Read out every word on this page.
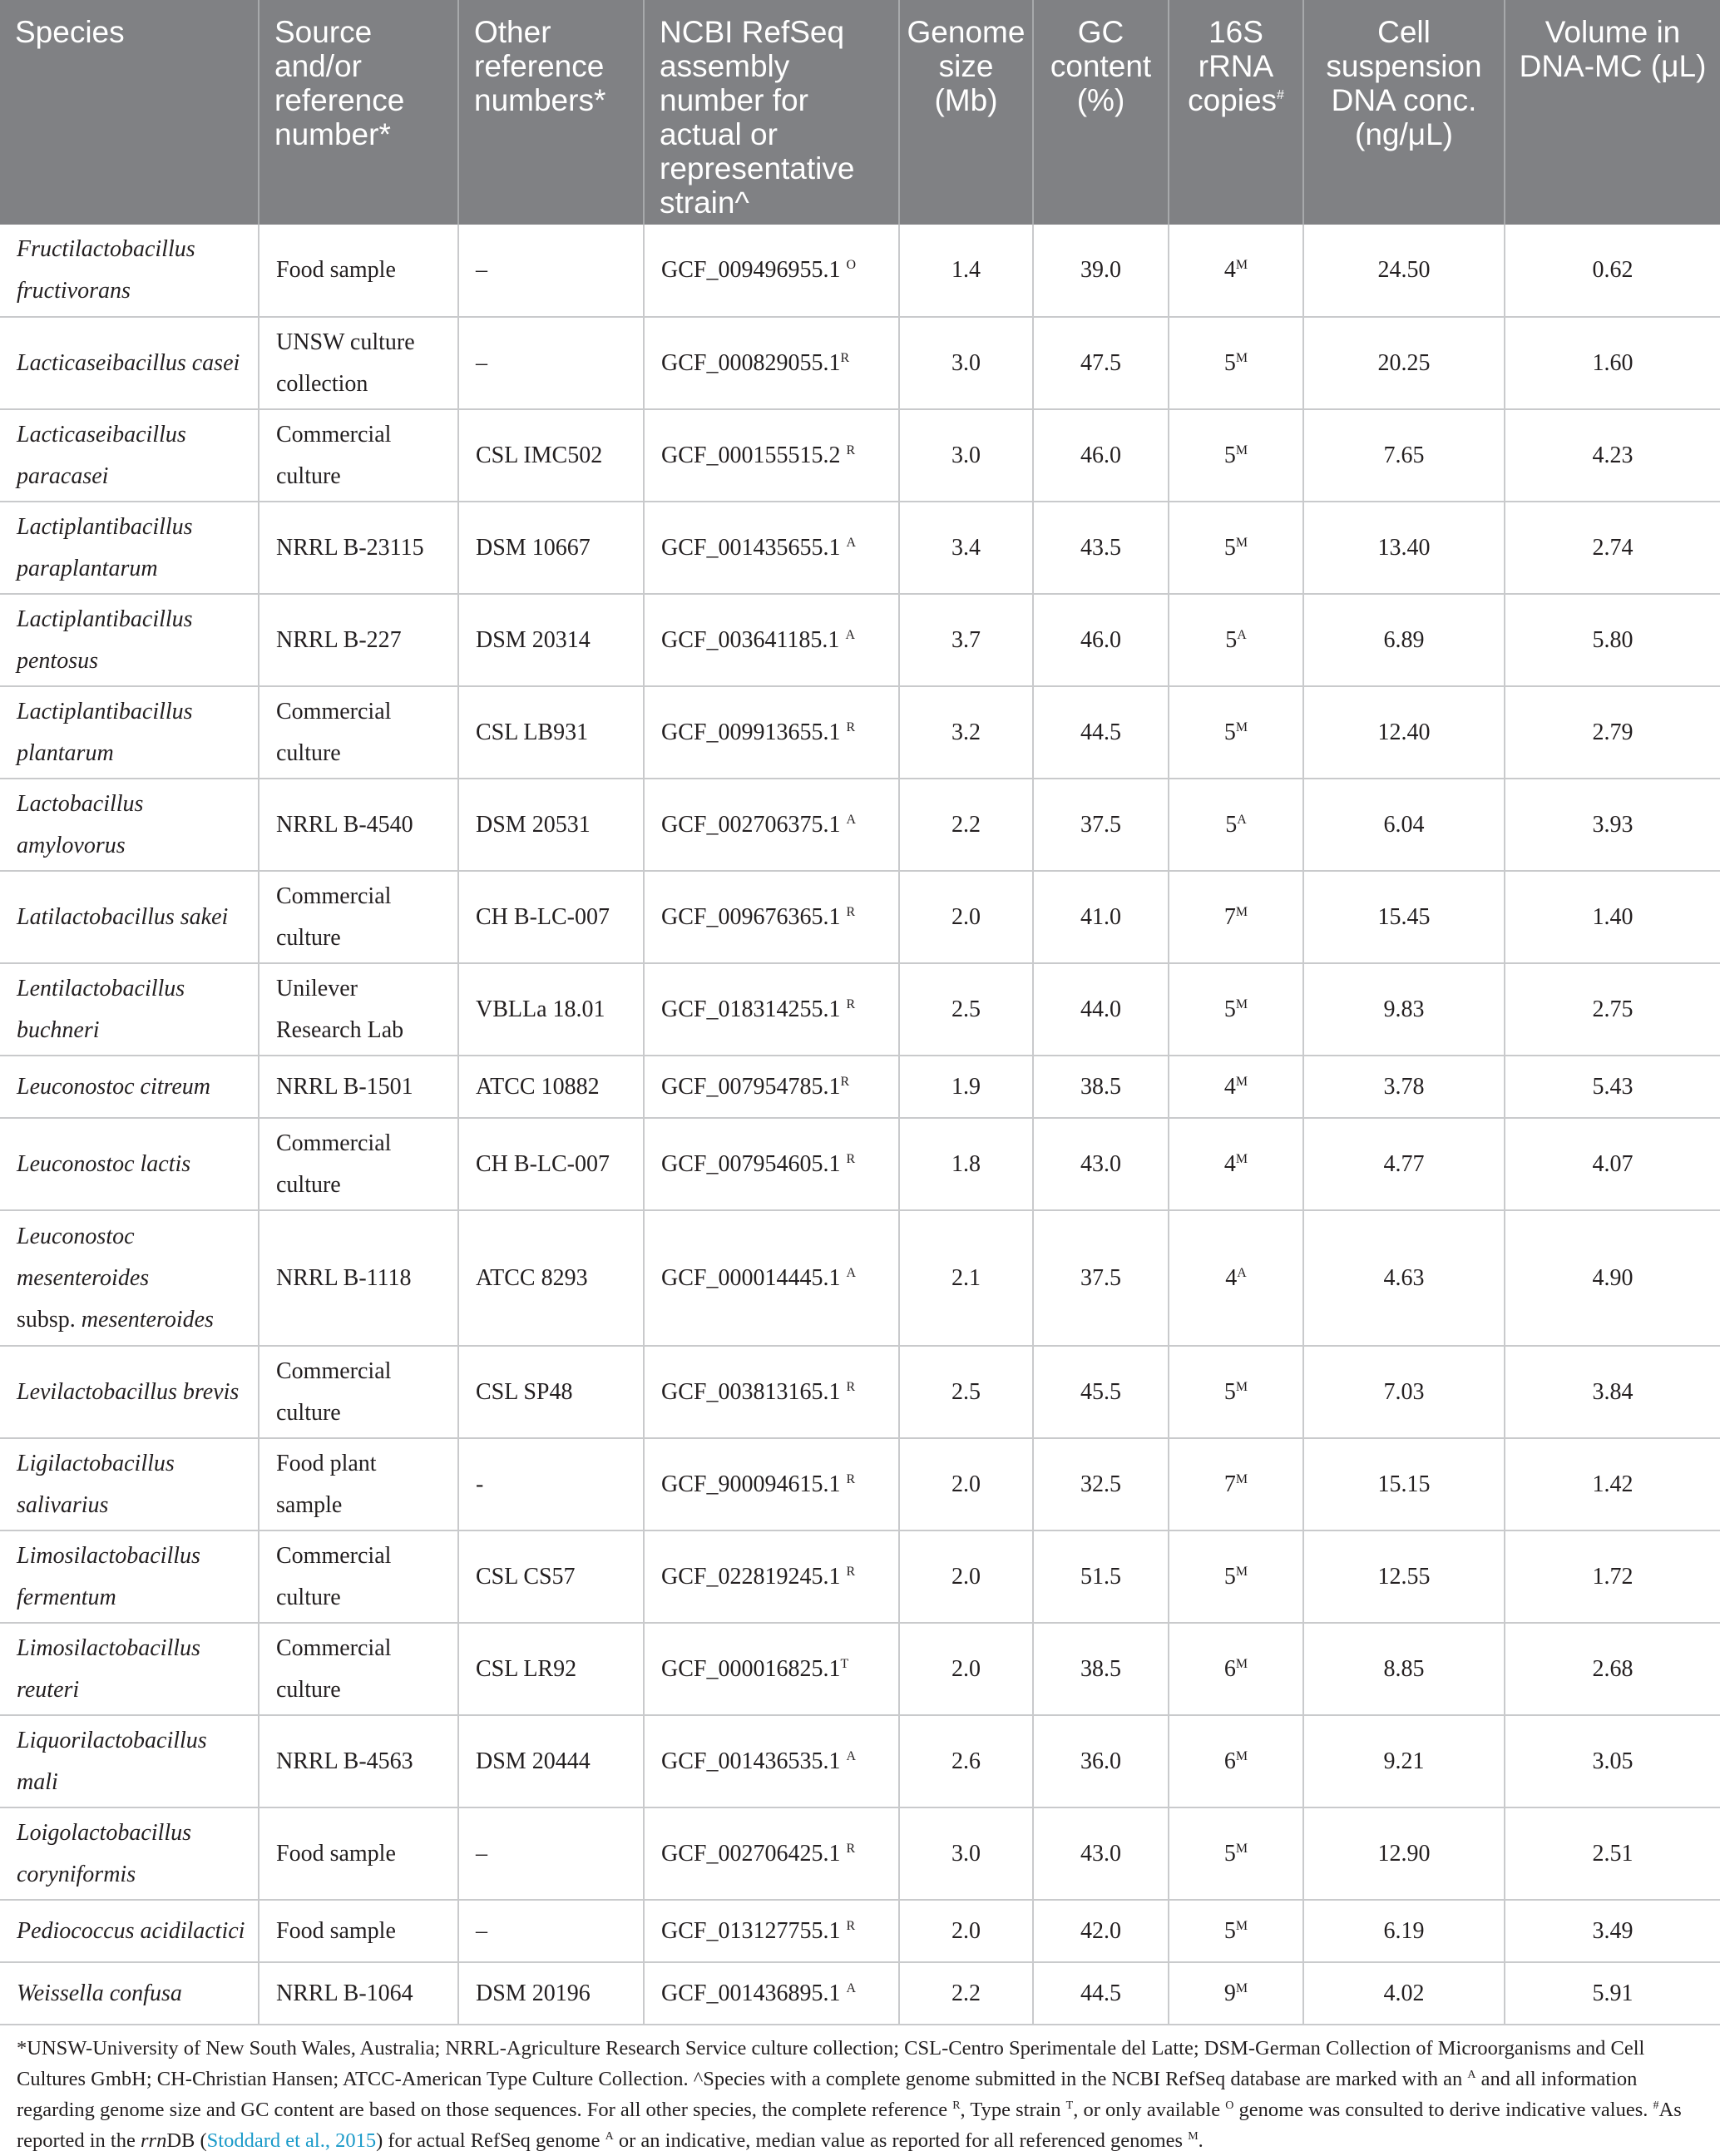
Species	Source and/or reference number*	Other reference numbers*	NCBI RefSeq assembly number for actual or representative strain^	Genome size (Mb)	GC content (%)	16S rRNA copies#	Cell suspension DNA conc. (ng/μL)	Volume in DNA-MC (μL)
Fructilactobacillus fructivorans	Food sample	–	GCF_009496955.1 $^O$	1.4	39.0	$4^M$	24.50	0.62
Lacticaseibacillus casei	UNSW culture collection	–	$GCF\_000829055.1^R$	3.0	47.5	$5^M$	20.25	1.60
Lacticaseibacillus paracasei	Commercial culture	CSL IMC502	GCF_000155515.2 $^R$	3.0	46.0	$5^M$	7.65	4.23
Lactiplantibacillus paraplantarum	NRRL B-23115	DSM 10667	GCF_001435655.1 $^A$	3.4	43.5	$5^M$	13.40	2.74
Lactiplantibacillus pentosus	NRRL B-227	DSM 20314	GCF_003641185.1 $^A$	3.7	46.0	$5^A$	6.89	5.80
Lactiplantibacillus plantarum	Commercial culture	CSL LB931	GCF_009913655.1 $^R$	3.2	44.5	$5^M$	12.40	2.79
Lactobacillus amylovorus	NRRL B-4540	DSM 20531	GCF_002706375.1 $^A$	2.2	37.5	$5^A$	6.04	3.93
Latilactobacillus sakei	Commercial culture	CH B-LC-007	GCF_009676365.1 $^R$	2.0	41.0	$7^M$	15.45	1.40
Lentilactobacillus buchneri	Unilever Research Lab	VBLLa 18.01	GCF_018314255.1 $^R$	2.5	44.0	$5^M$	9.83	2.75
Leuconostoc citreum	NRRL B-1501	ATCC 10882	$GCF\_007954785.1^R$	1.9	38.5	$4^M$	3.78	5.43
Leuconostoc lactis	Commercial culture	CH B-LC-007	GCF_007954605.1 $^R$	1.8	43.0	$4^M$	4.77	4.07
Leuconostoc mesenteroides
subsp. mesenteroides	NRRL B-1118	ATCC 8293	GCF_000014445.1 $^A$	2.1	37.5	$4^A$	4.63	4.90
Levilactobacillus brevis	Commercial culture	CSL SP48	GCF_003813165.1 $^R$	2.5	45.5	$5^M$	7.03	3.84
Ligilactobacillus salivarius	Food plant sample	-	GCF_900094615.1 $^R$	2.0	32.5	$7^M$	15.15	1.42
Limosilactobacillus fermentum	Commercial culture	CSL CS57	GCF_022819245.1 $^R$	2.0	51.5	$5^M$	12.55	1.72
Limosilactobacillus reuteri	Commercial culture	CSL LR92	$GCF\_000016825.1^T$	2.0	38.5	$6^M$	8.85	2.68
Liquorilactobacillus mali	NRRL B-4563	DSM 20444	GCF_001436535.1 $^A$	2.6	36.0	$6^M$	9.21	3.05
Loigolactobacillus coryniformis	Food sample	–	GCF_002706425.1 $^R$	3.0	43.0	$5^M$	12.90	2.51
Pediococcus acidilactici	Food sample	–	GCF_013127755.1 $^R$	2.0	42.0	$5^M$	6.19	3.49
Weissella confusa	NRRL B-1064	DSM 20196	GCF_001436895.1 $^A$	2.2	44.5	$9^M$	4.02	5.91
*UNSW-University of New South Wales, Australia; NRRL-Agriculture Research Service culture collection; CSL-Centro Sperimentale del Latte; DSM-German Collection of Microorganisms and Cell Cultures GmbH; CH-Christian Hansen; ATCC-American Type Culture Collection. ^Species with a complete genome submitted in the NCBI RefSeq database are marked with an $^A$ and all information regarding genome size and GC content are based on those sequences. For all other species, the complete reference $^R$, Type strain $^T$, or only available $^O$ genome was consulted to derive indicative values. #As reported in the rrnDB (Stoddard et al., 2015) for actual RefSeq genome $^A$ or an indicative, median value as reported for all referenced genomes $^M$.
